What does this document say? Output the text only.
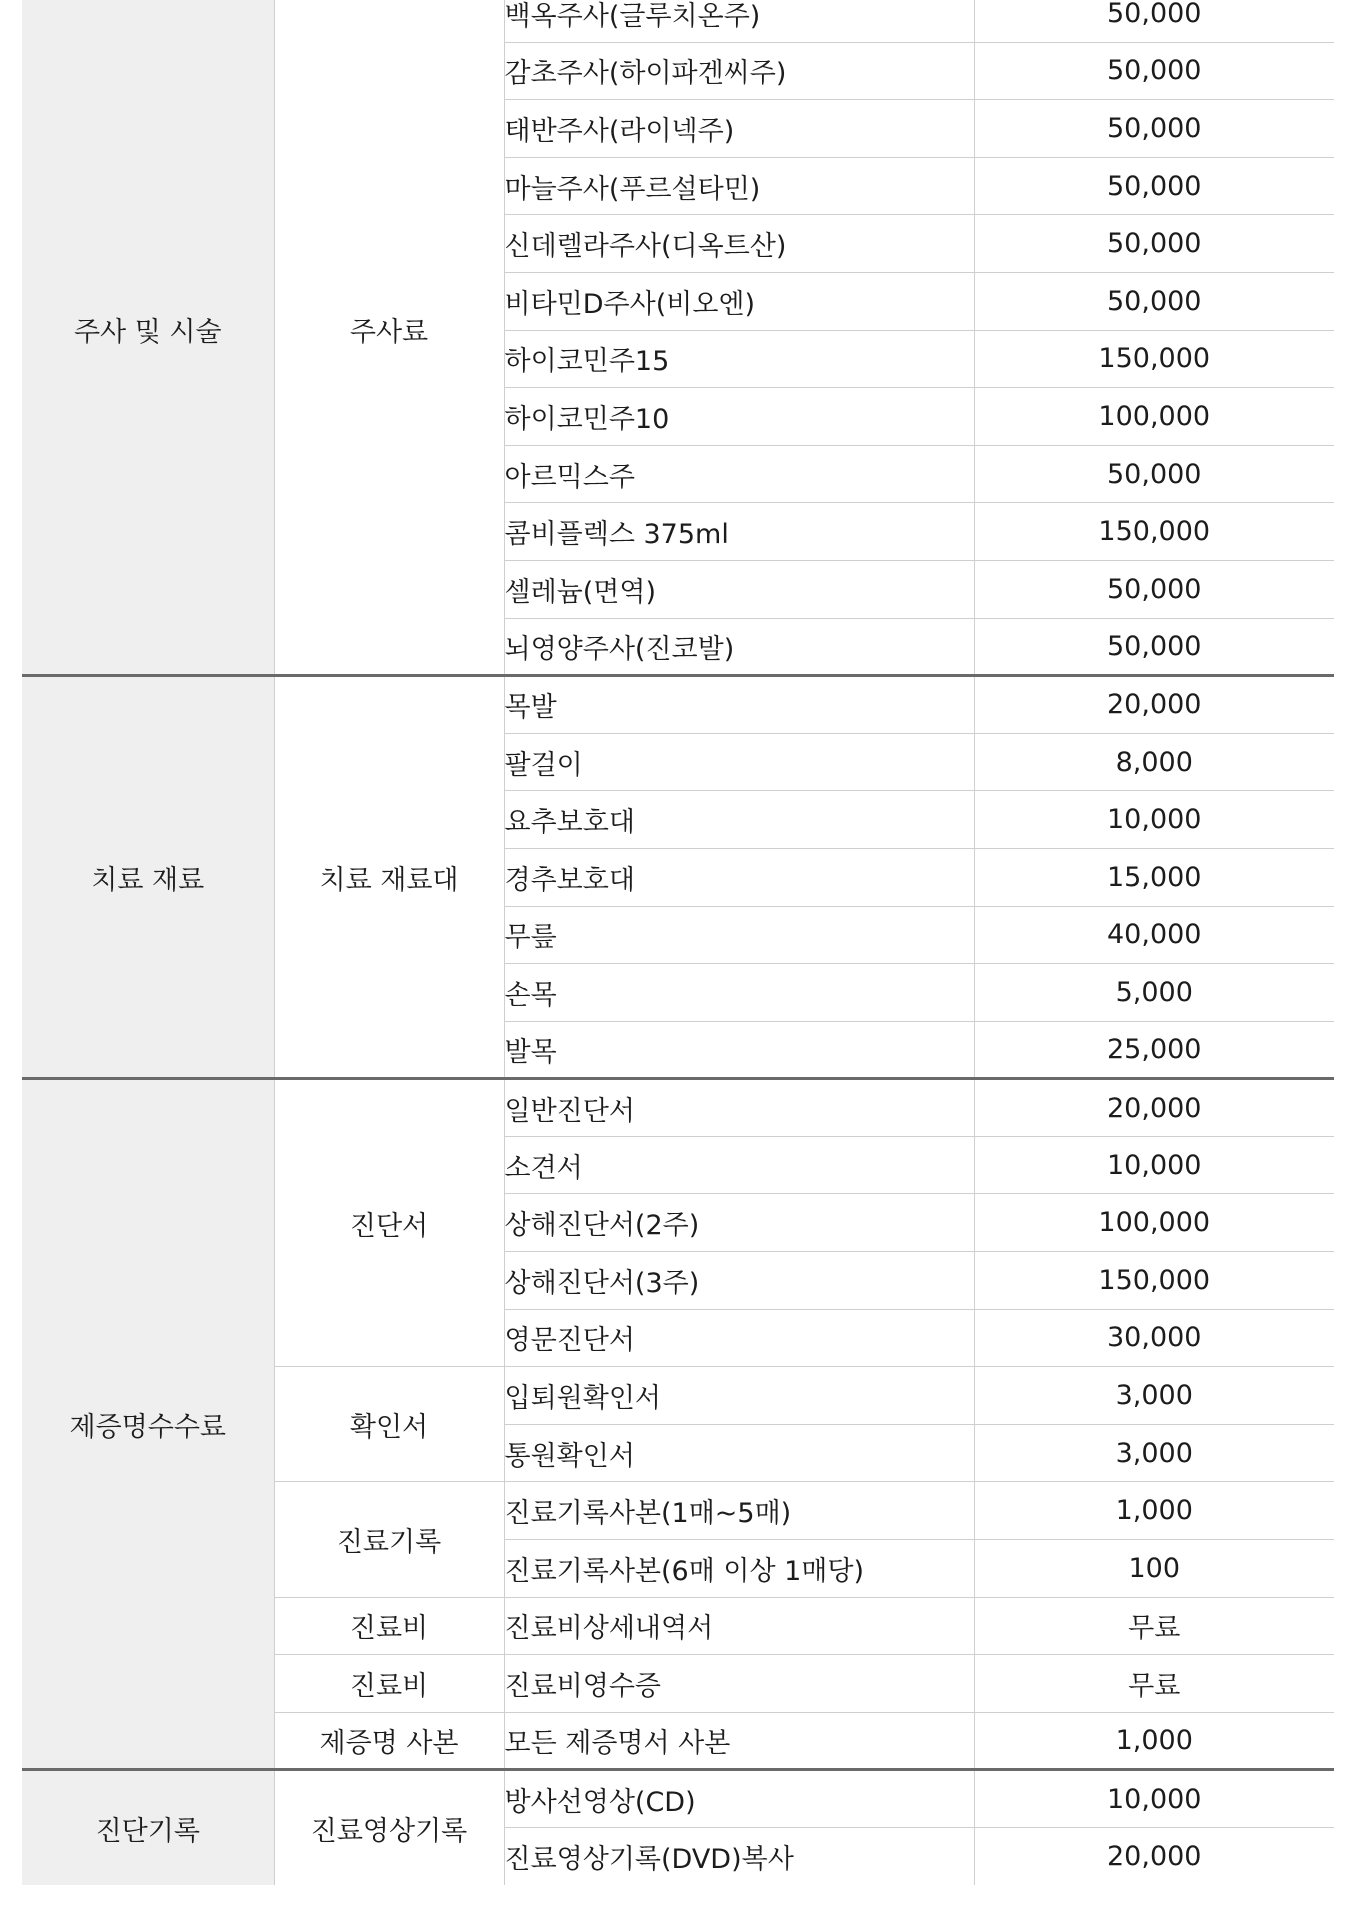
주사 및 시술	주사료	백옥주사(글루치온주)	50,000
		감초주사(하이파겐씨주)	50,000
		태반주사(라이넥주)	50,000
		마늘주사(푸르설타민)	50,000
		신데렐라주사(디옥트산)	50,000
		비타민D주사(비오엔)	50,000
		하이코민주15	150,000
		하이코민주10	100,000
		아르믹스주	50,000
		콤비플렉스 375ml	150,000
		셀레늄(면역)	50,000
		뇌영양주사(진코발)	50,000
치료 재료	치료 재료대	목발	20,000
		팔걸이	8,000
		요추보호대	10,000
		경추보호대	15,000
		무릎	40,000
		손목	5,000
		발목	25,000
제증명수수료	진단서	일반진단서	20,000
		소견서	10,000
		상해진단서(2주)	100,000
		상해진단서(3주)	150,000
		영문진단서	30,000
	확인서	입퇴원확인서	3,000
		통원확인서	3,000
	진료기록	진료기록사본(1매~5매)	1,000
		진료기록사본(6매 이상 1매당)	100
	진료비	진료비상세내역서	무료
	진료비	진료비영수증	무료
	제증명 사본	모든 제증명서 사본	1,000
진단기록	진료영상기록	방사선영상(CD)	10,000
		진료영상기록(DVD)복사	20,000
